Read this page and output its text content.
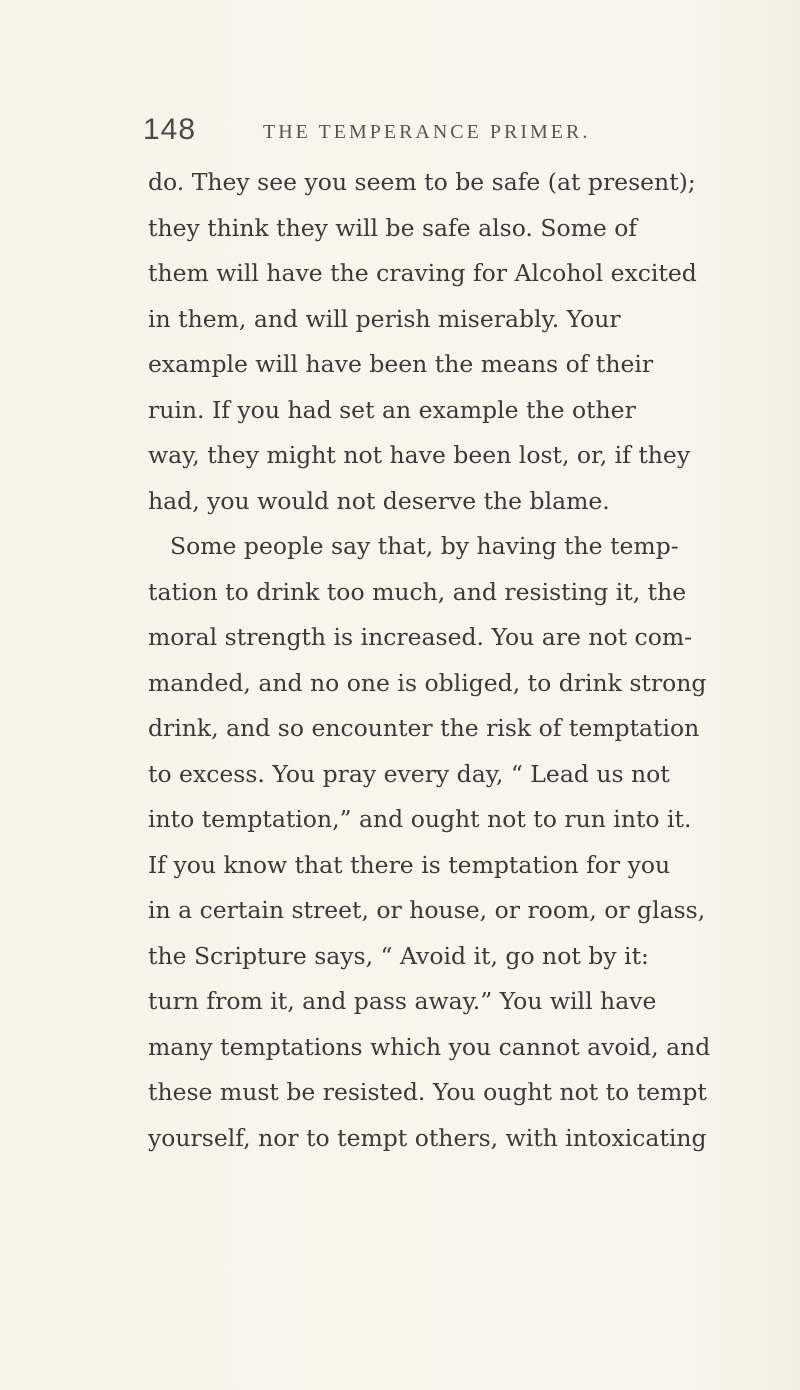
148	THE TEMPERANCE PRIMER.
do. They see you seem to be safe (at present);
they think they will be safe also. Some of
them will have the craving for Alcohol excited
in them, and will perish miserably. Your
example will have been the means of their
ruin. If you had set an example the other
way, they might not have been lost, or, if they
had, you would not deserve the blame.
Some people say that, by having the temp-
tation to drink too much, and resisting it, the
moral strength is increased. You are not com-
manded, and no one is obliged, to drink strong
drink, and so encounter the risk of temptation
to excess. You pray every day, “ Lead us not
into temptation,” and ought not to run into it.
If you know that there is temptation for you
in a certain street, or house, or room, or glass,
the Scripture says, “ Avoid it, go not by it:
turn from it, and pass away.” You will have
many temptations which you cannot avoid, and
these must be resisted. You ought not to tempt
yourself, nor to tempt others, with intoxicating
